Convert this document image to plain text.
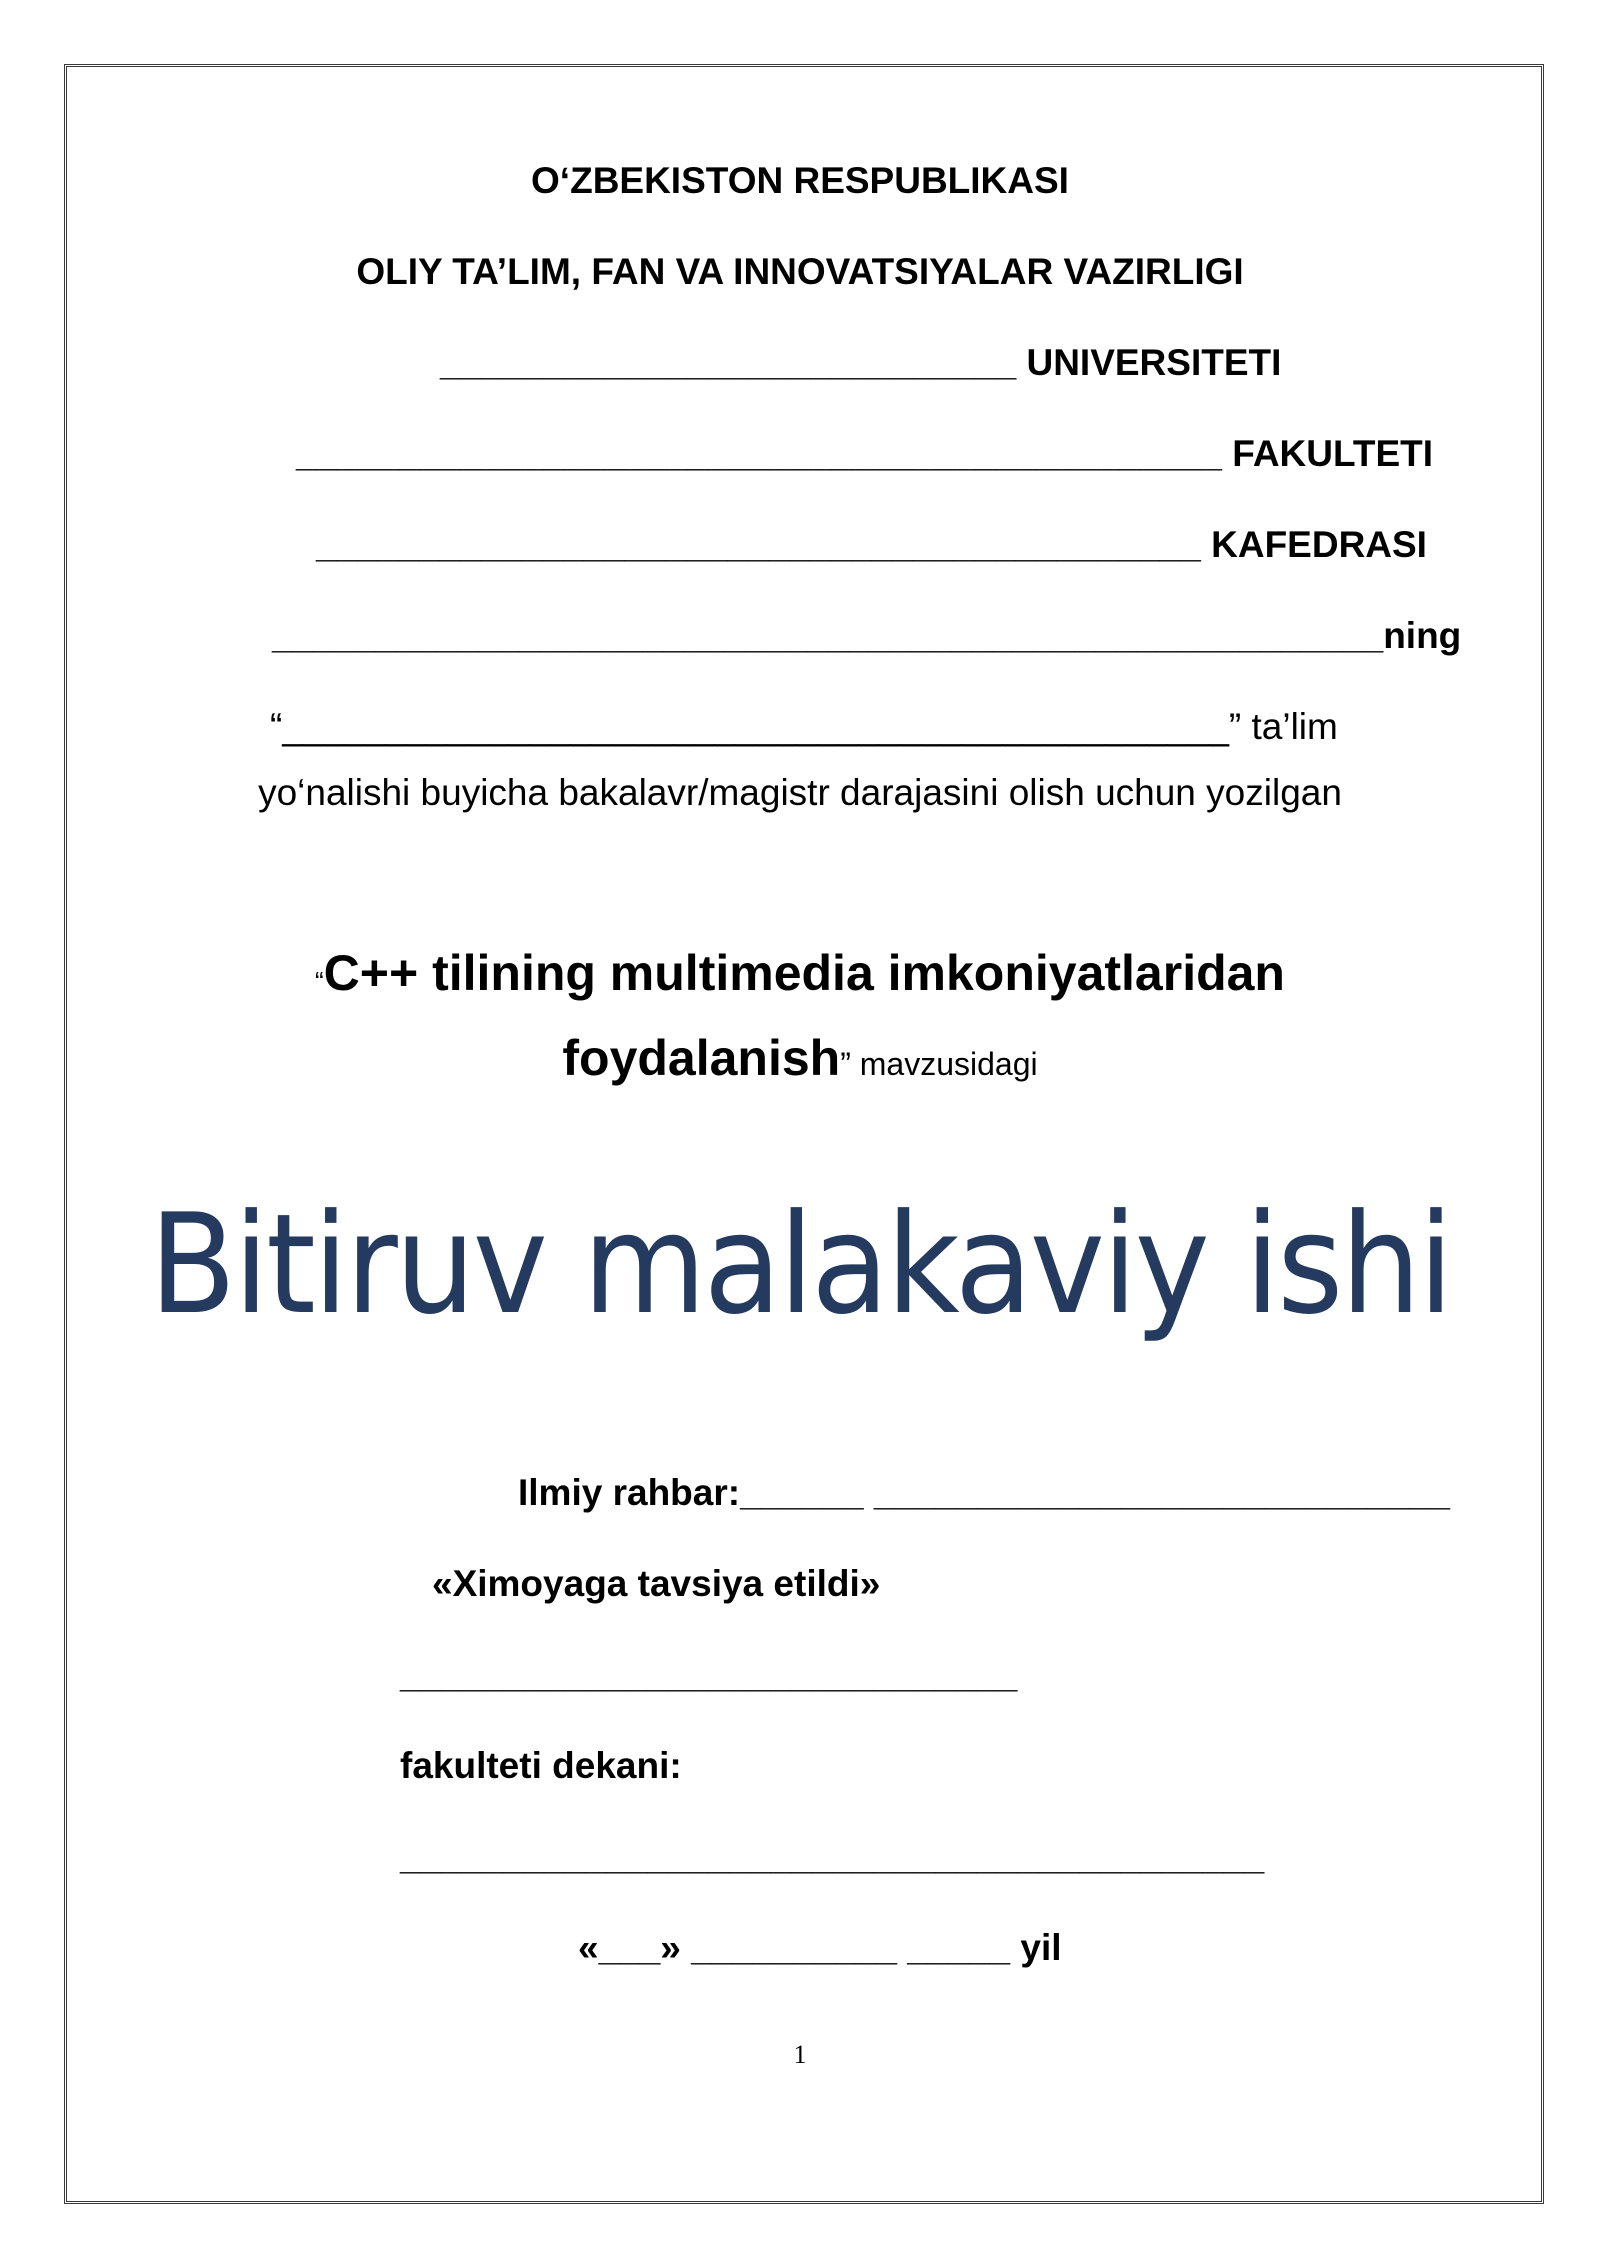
O‘ZBEKISTON RESPUBLIKASI
OLIY TA’LIM, FAN VA INNOVATSIYALAR VAZIRLIGI
____________________________ UNIVERSITETI
_____________________________________________ FAKULTETI
___________________________________________ KAFEDRASI
______________________________________________________ning
“______________________________________________” ta’lim
yo‘nalishi buyicha bakalavr/magistr darajasini olish uchun yozilgan
“C++ tilining multimedia imkoniyatlaridan
foydalanish” mavzusidagi
Bitiruv malakaviy ishi
Ilmiy rahbar:______ ____________________________
«Ximoyaga tavsiya etildi»
______________________________
fakulteti dekani:
__________________________________________
«___» __________ _____ yil
1
